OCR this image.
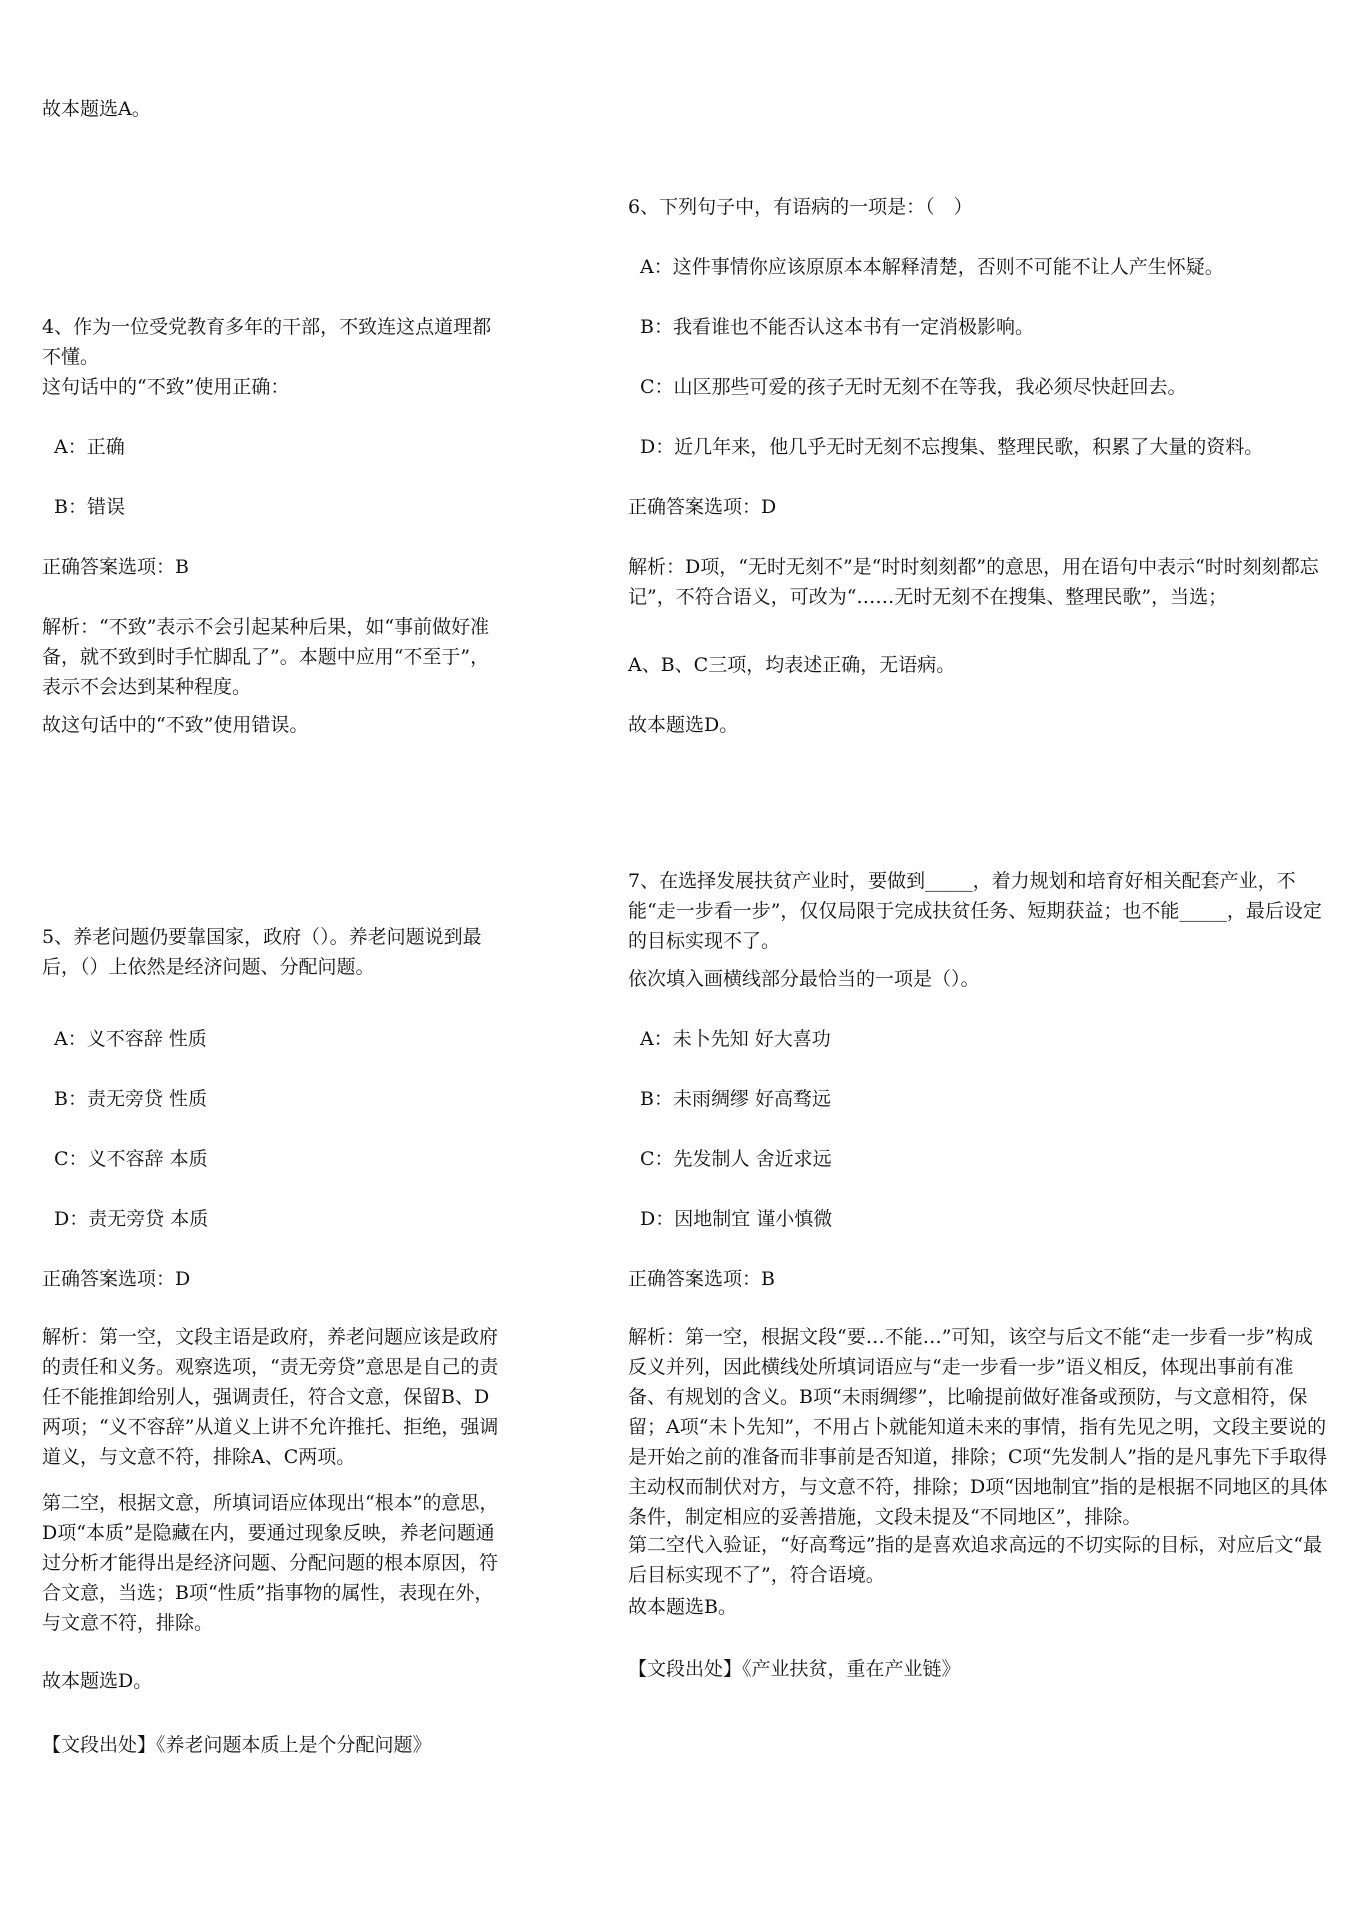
故本题选A。

4、作为一位受党教育多年的干部，不致连这点道理都不懂。

这句话中的“不致”使用正确：

A：正确

B：错误

正确答案选项：B

解析：“不致”表示不会引起某种后果，如“事前做好准备，就不致到时手忙脚乱了”。本题中应用“不至于”，表示不会达到某种程度。

故这句话中的“不致”使用错误。

5、养老问题仍要靠国家，政府（）。养老问题说到最后，（）上依然是经济问题、分配问题。

A：义不容辞 性质

B：责无旁贷 性质

C：义不容辞 本质

D：责无旁贷 本质

正确答案选项：D

解析：第一空，文段主语是政府，养老问题应该是政府的责任和义务。观察选项，“责无旁贷”意思是自己的责任不能推卸给别人，强调责任，符合文意，保留B、D两项；“义不容辞”从道义上讲不允许推托、拒绝，强调道义，与文意不符，排除A、C两项。

第二空，根据文意，所填词语应体现出“根本”的意思，D项“本质”是隐藏在内，要通过现象反映，养老问题通过分析才能得出是经济问题、分配问题的根本原因，符合文意，当选；B项“性质”指事物的属性，表现在外，与文意不符，排除。

故本题选D。

【文段出处】《养老问题本质上是个分配问题》

6、下列句子中，有语病的一项是：（　）

A：这件事情你应该原原本本解释清楚，否则不可能不让人产生怀疑。

B：我看谁也不能否认这本书有一定消极影响。

C：山区那些可爱的孩子无时无刻不在等我，我必须尽快赶回去。

D：近几年来，他几乎无时无刻不忘搜集、整理民歌，积累了大量的资料。

正确答案选项：D

解析：D项，“无时无刻不”是“时时刻刻都”的意思，用在语句中表示“时时刻刻都忘记”，不符合语义，可改为“……无时无刻不在搜集、整理民歌”，当选；

A、B、C三项，均表述正确，无语病。

故本题选D。

7、在选择发展扶贫产业时，要做到_____，着力规划和培育好相关配套产业，不能“走一步看一步”，仅仅局限于完成扶贫任务、短期获益；也不能_____，最后设定的目标实现不了。

依次填入画横线部分最恰当的一项是（）。

A：未卜先知 好大喜功

B：未雨绸缪 好高骛远

C：先发制人 舍近求远

D：因地制宜 谨小慎微

正确答案选项：B

解析：第一空，根据文段“要…不能…”可知，该空与后文不能“走一步看一步”构成反义并列，因此横线处所填词语应与“走一步看一步”语义相反，体现出事前有准备、有规划的含义。B项“未雨绸缪”，比喻提前做好准备或预防，与文意相符，保留；A项“未卜先知”，不用占卜就能知道未来的事情，指有先见之明，文段主要说的是开始之前的准备而非事前是否知道，排除；C项“先发制人”指的是凡事先下手取得主动权而制伏对方，与文意不符，排除；D项“因地制宜”指的是根据不同地区的具体条件，制定相应的妥善措施，文段未提及“不同地区”，排除。

第二空代入验证，“好高骛远”指的是喜欢追求高远的不切实际的目标，对应后文“最后目标实现不了”，符合语境。

故本题选B。

【文段出处】《产业扶贫，重在产业链》
